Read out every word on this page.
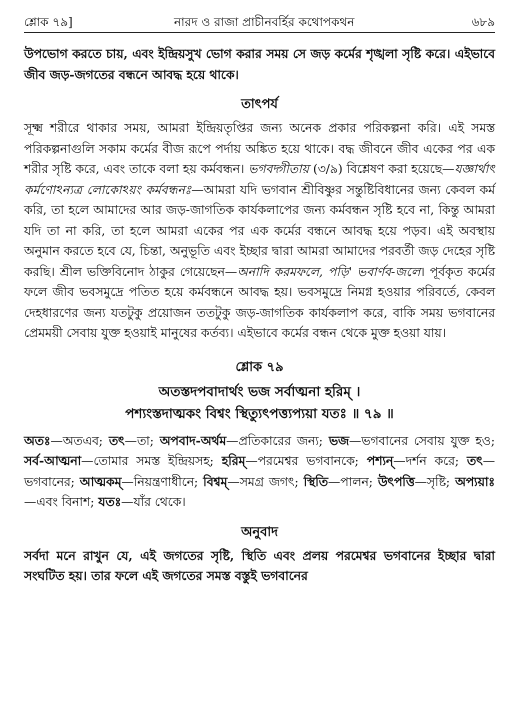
শ্লোক ৭৯]	নারদ ও রাজা প্রাচীনবর্হির কথোপকথন	৬৮৯

উপভোগ করতে চায়, এবং ইন্দ্রিয়সুখ ভোগ করার সময় সে জড় কর্মের শৃঙ্খলা সৃষ্টি করে। এইভাবে জীব জড়-জগতের বন্ধনে আবদ্ধ হয়ে থাকে।

তাৎপর্য

সূক্ষ্ম শরীরে থাকার সময়, আমরা ইন্দ্রিয়তৃপ্তির জন্য অনেক প্রকার পরিকল্পনা করি। এই সমস্ত পরিকল্পনাগুলি সকাম কর্মের বীজ রূপে পর্দায় অঙ্কিত হয়ে থাকে। বদ্ধ জীবনে জীব একের পর এক শরীর সৃষ্টি করে, এবং তাকে বলা হয় কর্মবন্ধন। ভগবদ্গীতায় (৩/৯) বিশ্লেষণ করা হয়েছে—যজ্ঞার্থাৎ কর্মণোঽন্যত্র লোকোঽয়ং কর্মবন্ধনঃ—আমরা যদি ভগবান শ্রীবিষ্ণুর সন্তুষ্টিবিধানের জন্য কেবল কর্ম করি, তা হলে আমাদের আর জড়-জাগতিক কার্যকলাপের জন্য কর্মবন্ধন সৃষ্টি হবে না, কিন্তু আমরা যদি তা না করি, তা হলে আমরা একের পর এক কর্মের বন্ধনে আবদ্ধ হয়ে পড়ব। এই অবস্থায় অনুমান করতে হবে যে, চিন্তা, অনুভূতি এবং ইচ্ছার দ্বারা আমরা আমাদের পরবর্তী জড় দেহের সৃষ্টি করছি। শ্রীল ভক্তিবিনোদ ঠাকুর গেয়েছেন—অনাদি করমফলে, পড়ি' ভবার্ণব-জলে। পূর্বকৃত কর্মের ফলে জীব ভবসমুদ্রে পতিত হয়ে কর্মবন্ধনে আবদ্ধ হয়। ভবসমুদ্রে নিমগ্ন হওয়ার পরিবর্তে, কেবল দেহধারণের জন্য যতটুকু প্রয়োজন ততটুকু জড়-জাগতিক কার্যকলাপ করে, বাকি সময় ভগবানের প্রেমময়ী সেবায় যুক্ত হওয়াই মানুষের কর্তব্য। এইভাবে কর্মের বন্ধন থেকে মুক্ত হওয়া যায়।

শ্লোক ৭৯
অতস্তদপবাদার্থং ভজ সর্বাত্মনা হরিম্ ।
পশ্যংস্তদাত্মকং বিশ্বং স্থিত্যুৎপত্ত্যপ্যয়া যতঃ ॥ ৭৯ ॥

অতঃ—অতএব; তৎ—তা; অপবাদ-অর্থম—প্রতিকারের জন্য; ভজ—ভগবানের সেবায় যুক্ত হও; সর্ব-আত্মনা—তোমার সমস্ত ইন্দ্রিয়সহ; হরিম্—পরমেশ্বর ভগবানকে; পশ্যন্—দর্শন করে; তৎ—ভগবানের; আত্মকম্—নিয়ন্ত্রণাধীনে; বিশ্বম্—সমগ্র জগৎ; স্থিতি—পালন; উৎপত্তি—সৃষ্টি; অপ্যয়াঃ—এবং বিনাশ; যতঃ—যাঁর থেকে।

অনুবাদ

সর্বদা মনে রাখুন যে, এই জগতের সৃষ্টি, স্থিতি এবং প্রলয় পরমেশ্বর ভগবানের ইচ্ছার দ্বারা সংঘটিত হয়। তার ফলে এই জগতের সমস্ত বস্তুই ভগবানের
